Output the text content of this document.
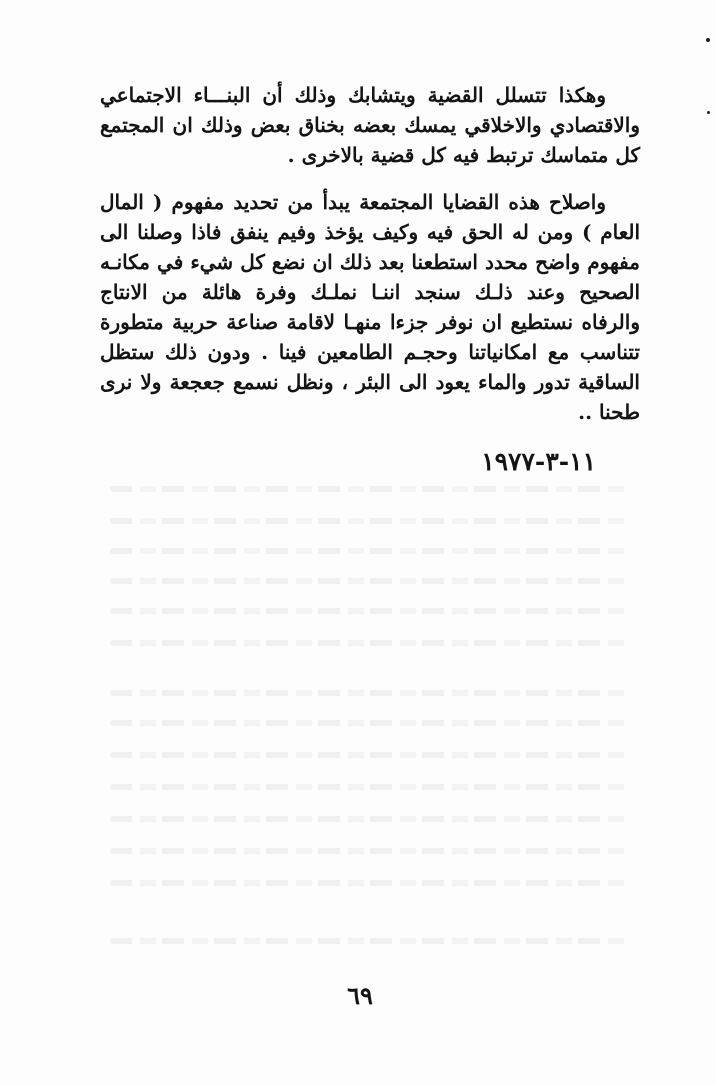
وهكذا تتسلل القضية ويتشابك وذلك أن البنـــاء الاجتماعي والاقتصادي والاخلاقي يمسك بعضه بخناق بعض وذلك ان المجتمع كل متماسك ترتبط فيه كل قضية بالاخرى .

واصلاح هذه القضايا المجتمعة يبدأ من تحديد مفهوم ( المال العام ) ومن له الحق فيه وكيف يؤخذ وفيم ينفق فاذا وصلنا الى مفهوم واضح محدد استطعنا بعد ذلك ان نضع كل شيء في مكانـه الصحيح وعند ذلـك سنجد اننـا نملـك وفرة هائلة من الانتاج والرفاه نستطيع ان نوفر جزءا منهـا لاقامة صناعة حربية متطورة تتناسب مع امكانياتنا وحجـم الطامعين فينا . ودون ذلك ستظل الساقية تدور والماء يعود الى البئر ، ونظل نسمع جعجعة ولا نرى طحنا ..

١١-٣-١٩٧٧
٦٩
